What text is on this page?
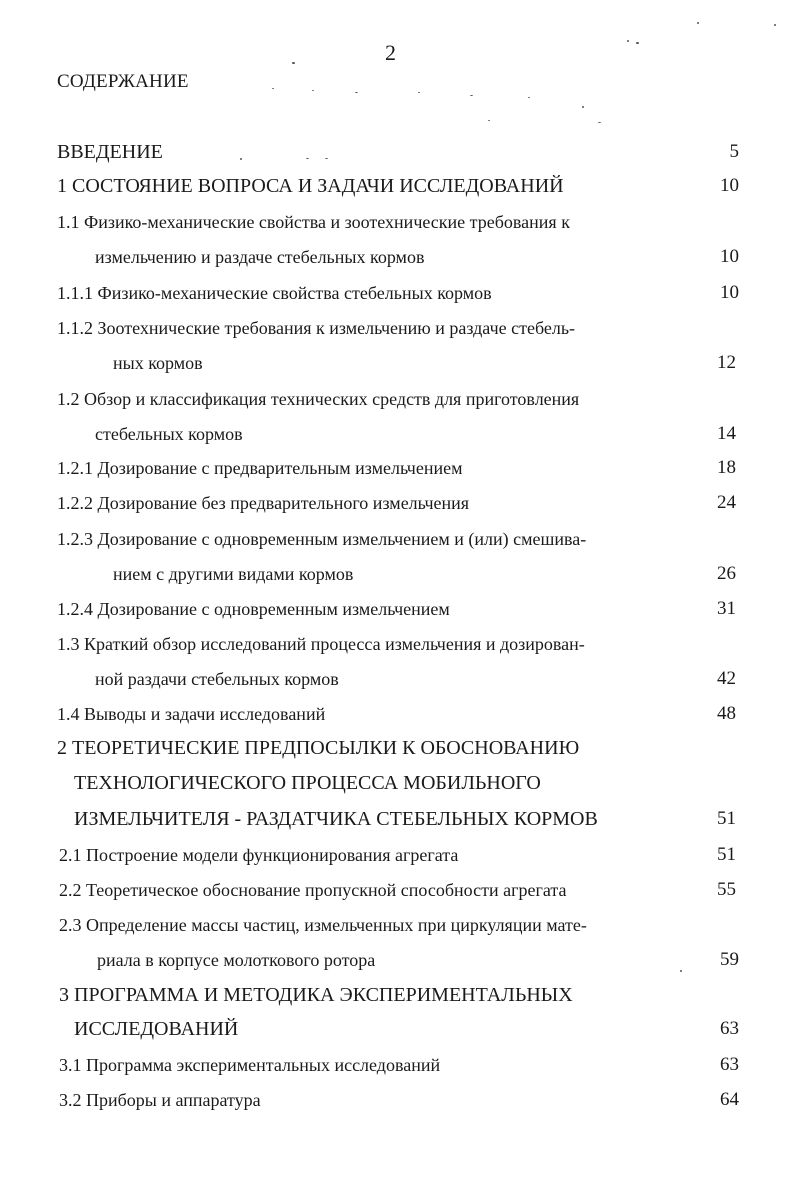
2
СОДЕРЖАНИЕ
ВВЕДЕНИЕ	5
1 СОСТОЯНИЕ ВОПРОСА И ЗАДАЧИ ИССЛЕДОВАНИЙ	10
1.1 Физико-механические свойства и зоотехнические требования к
измельчению и раздаче стебельных кормов	10
1.1.1 Физико-механические свойства стебельных кормов	10
1.1.2 Зоотехнические требования к измельчению и раздаче стебель-
ных кормов	12
1.2 Обзор и классификация технических средств для приготовления
стебельных кормов	14
1.2.1 Дозирование с предварительным измельчением	18
1.2.2 Дозирование без предварительного измельчения	24
1.2.3 Дозирование с одновременным измельчением и (или) смешива-
нием с другими видами кормов	26
1.2.4 Дозирование с одновременным измельчением	31
1.3 Краткий обзор исследований процесса измельчения и дозирован-
ной раздачи стебельных кормов	42
1.4 Выводы и задачи исследований	48
2 ТЕОРЕТИЧЕСКИЕ ПРЕДПОСЫЛКИ К ОБОСНОВАНИЮ
ТЕХНОЛОГИЧЕСКОГО ПРОЦЕССА МОБИЛЬНОГО
ИЗМЕЛЬЧИТЕЛЯ - РАЗДАТЧИКА СТЕБЕЛЬНЫХ КОРМОВ	51
2.1 Построение модели функционирования агрегата	51
2.2 Теоретическое обоснование пропускной способности агрегата	55
2.3 Определение массы частиц, измельченных при циркуляции мате-
риала в корпусе молоткового ротора	59
3 ПРОГРАММА И МЕТОДИКА ЭКСПЕРИМЕНТАЛЬНЫХ
ИССЛЕДОВАНИЙ	63
3.1 Программа экспериментальных исследований	63
3.2 Приборы и аппаратура	64
